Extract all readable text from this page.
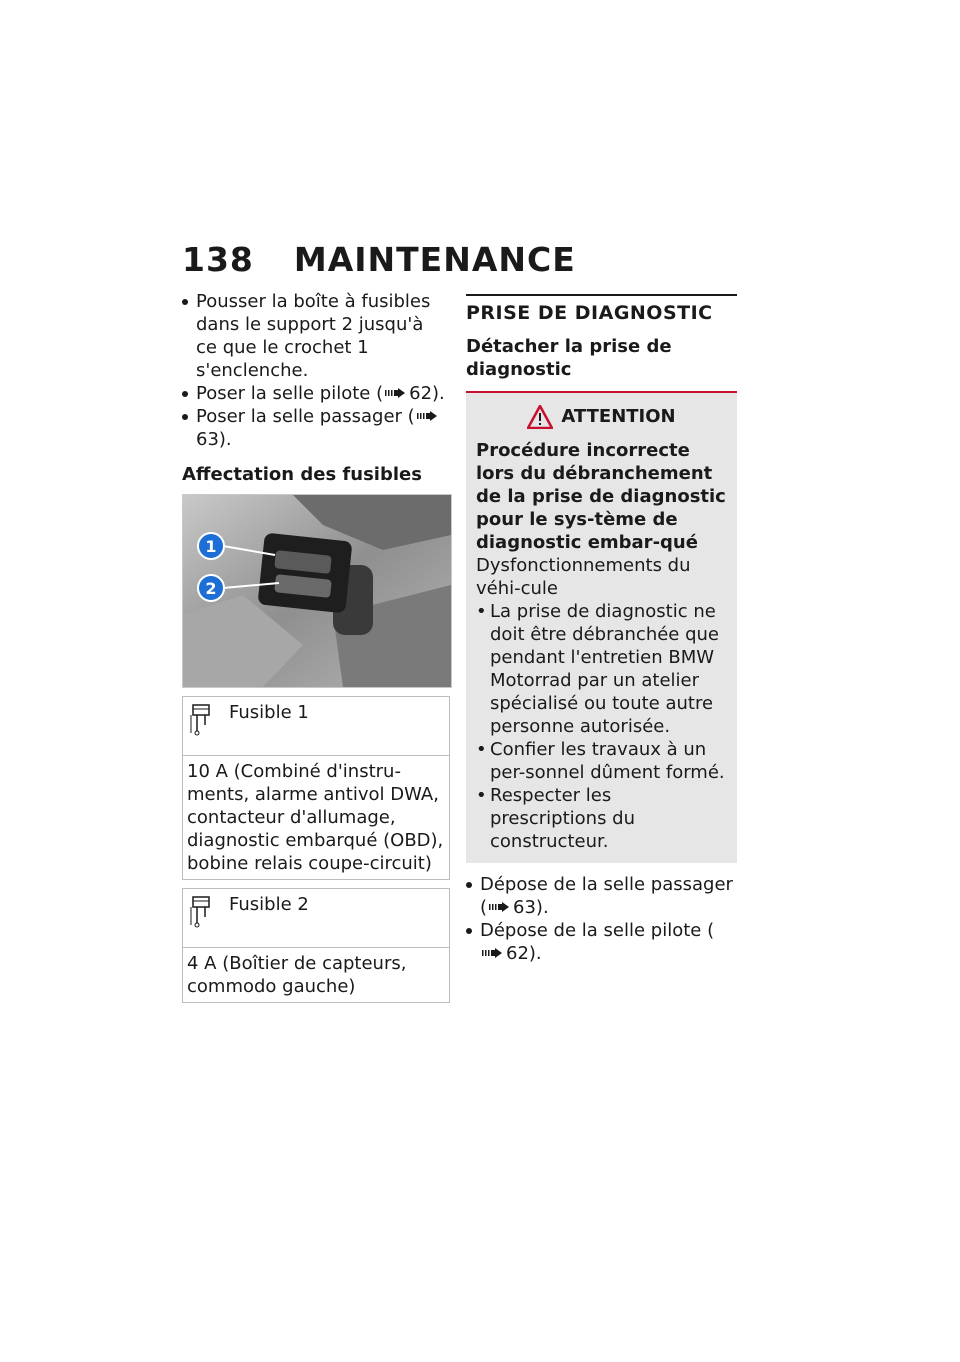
138 MAINTENANCE
Pousser la boîte à fusibles dans le support 2 jusqu'à ce que le crochet 1 s'enclenche.
Poser la selle pilote ( 62).
Poser la selle passager (63).
Affectation des fusibles
1
2
Fusible 1
10 A (Combiné d'instru-ments, alarme antivol DWA, contacteur d'allumage, diagnostic embarqué (OBD), bobine relais coupe-circuit)
Fusible 2
4 A (Boîtier de capteurs, commodo gauche)
PRISE DE DIAGNOSTIC
Détacher la prise de diagnostic
ATTENTION
Procédure incorrecte lors du débranchement de la prise de diagnostic pour le sys-tème de diagnostic embar-qué
Dysfonctionnements du véhi-cule
• La prise de diagnostic ne doit être débranchée que pendant l'entretien BMW Motorrad par un atelier spécialisé ou toute autre personne autorisée.
• Confier les travaux à un per-sonnel dûment formé.
• Respecter les prescriptions du constructeur.
Dépose de la selle passager ( 63).
Dépose de la selle pilote (62).
